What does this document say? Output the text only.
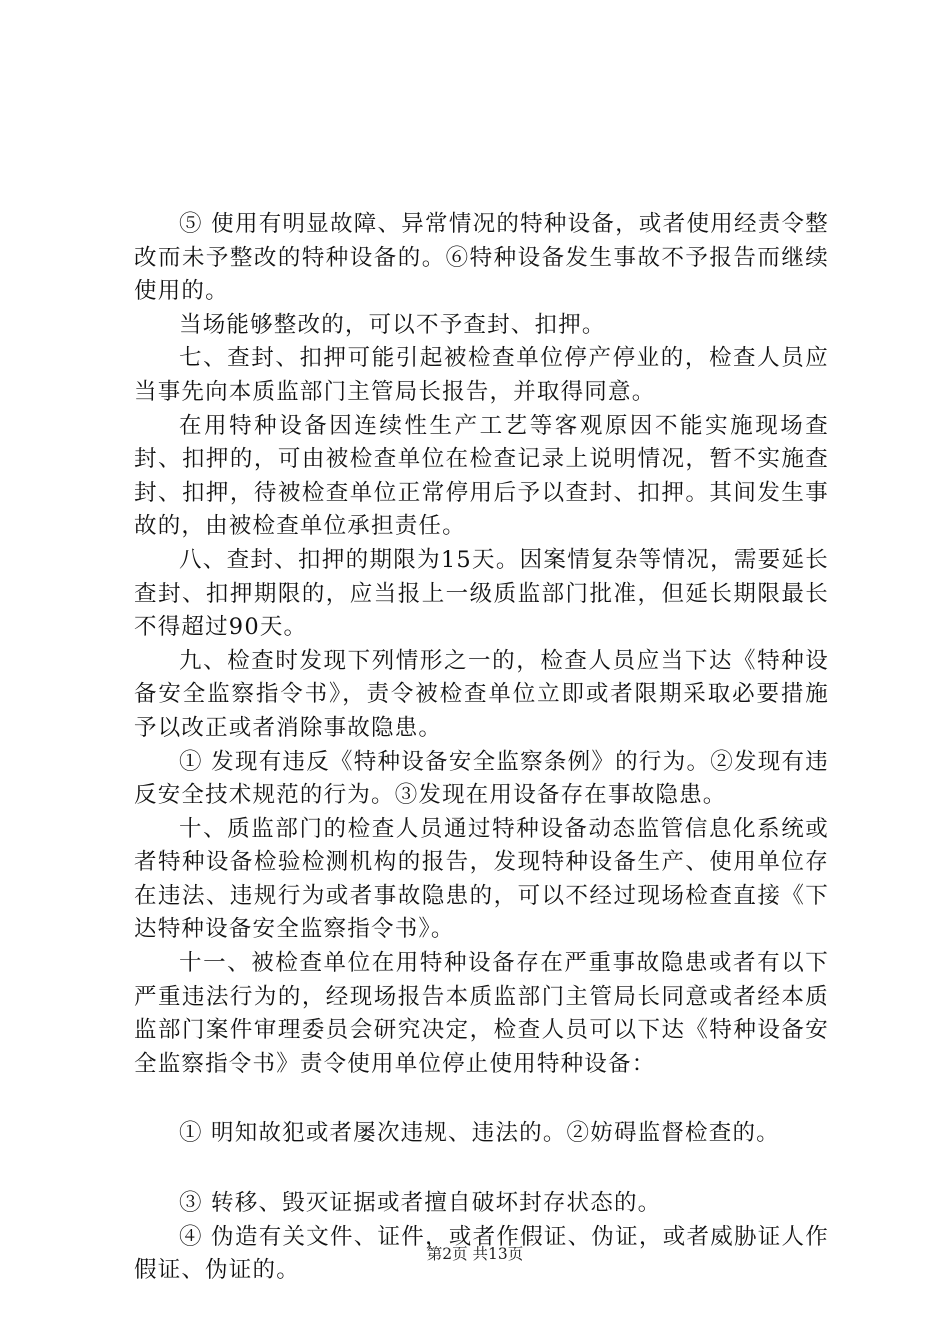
⑤ 使用有明显故障、异常情况的特种设备，或者使用经责令整改而未予整改的特种设备的。⑥特种设备发生事故不予报告而继续使用的。

当场能够整改的，可以不予查封、扣押。

七、查封、扣押可能引起被检查单位停产停业的，检查人员应当事先向本质监部门主管局长报告，并取得同意。

在用特种设备因连续性生产工艺等客观原因不能实施现场查封、扣押的，可由被检查单位在检查记录上说明情况，暂不实施查封、扣押，待被检查单位正常停用后予以查封、扣押。其间发生事故的，由被检查单位承担责任。

八、查封、扣押的期限为15天。因案情复杂等情况，需要延长查封、扣押期限的，应当报上一级质监部门批准，但延长期限最长不得超过90天。

九、检查时发现下列情形之一的，检查人员应当下达《特种设备安全监察指令书》，责令被检查单位立即或者限期采取必要措施予以改正或者消除事故隐患。

① 发现有违反《特种设备安全监察条例》的行为。②发现有违反安全技术规范的行为。③发现在用设备存在事故隐患。

十、质监部门的检查人员通过特种设备动态监管信息化系统或者特种设备检验检测机构的报告，发现特种设备生产、使用单位存在违法、违规行为或者事故隐患的，可以不经过现场检查直接《下达特种设备安全监察指令书》。

十一、被检查单位在用特种设备存在严重事故隐患或者有以下严重违法行为的，经现场报告本质监部门主管局长同意或者经本质监部门案件审理委员会研究决定，检查人员可以下达《特种设备安全监察指令书》责令使用单位停止使用特种设备：

① 明知故犯或者屡次违规、违法的。②妨碍监督检查的。

③ 转移、毁灭证据或者擅自破坏封存状态的。

④ 伪造有关文件、证件，或者作假证、伪证，或者威胁证人作假证、伪证的。

第2页 共13页
